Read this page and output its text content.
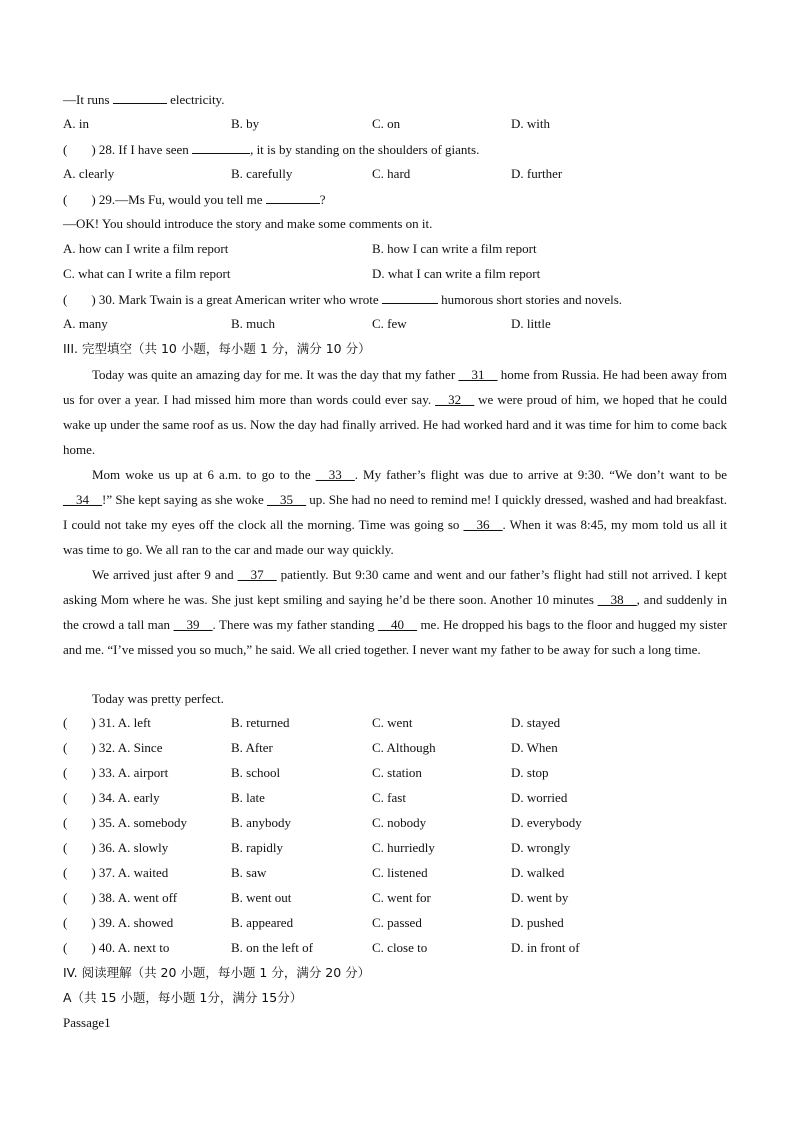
—It runs	electricity.
A. in	B. by	C. on	D. with
( ) 28. If I have seen	, it is by standing on the shoulders of giants.
A. clearly	B. carefully	C. hard	D. further
( ) 29.—Ms Fu, would you tell me	?
—OK! You should introduce the story and make some comments on it.
A. how can I write a film report	B. how I can write a film report
C. what can I write a film report	D. what I can write a film report
( ) 30. Mark Twain is a great American writer who wrote	humorous short stories and novels.
A. many	B. much	C. few	D. little
III. 完型填空（共 10 小题，每小题 1 分，满分 10 分）
Today was quite an amazing day for me. It was the day that my father __31__ home from Russia. He had been away from us for over a year. I had missed him more than words could ever say. __32__ we were proud of him, we hoped that he could wake up under the same roof as us. Now the day had finally arrived. He had worked hard and it was time for him to come back home.
Mom woke us up at 6 a.m. to go to the __33__. My father’s flight was due to arrive at 9:30. “We don’t want to be __34__!” She kept saying as she woke __35__ up. She had no need to remind me! I quickly dressed, washed and had breakfast. I could not take my eyes off the clock all the morning. Time was going so __36__. When it was 8:45, my mom told us all it was time to go. We all ran to the car and made our way quickly.
We arrived just after 9 and __37__ patiently. But 9:30 came and went and our father’s flight had still not arrived. I kept asking Mom where he was. She just kept smiling and saying he’d be there soon. Another 10 minutes __38__, and suddenly in the crowd a tall man __39__. There was my father standing __40__ me. He dropped his bags to the floor and hugged my sister and me. “I’ve missed you so much,” he said. We all cried together. I never want my father to be away for such a long time.
Today was pretty perfect.
( ) 31. A. left	B. returned	C. went	D. stayed
( ) 32. A. Since	B. After	C. Although	D. When
( ) 33. A. airport	B. school	C. station	D. stop
( ) 34. A. early	B. late	C. fast	D. worried
( ) 35. A. somebody	B. anybody	C. nobody	D. everybody
( ) 36. A. slowly	B. rapidly	C. hurriedly	D. wrongly
( ) 37. A. waited	B. saw	C. listened	D. walked
( ) 38. A. went off	B. went out	C. went for	D. went by
( ) 39. A. showed	B. appeared	C. passed	D. pushed
( ) 40. A. next to	B. on the left of	C. close to	D. in front of
IV. 阅读理解（共 20 小题，每小题 1 分，满分 20 分）
A（共 15 小题，每小题 1分，满分 15分）
Passage1
